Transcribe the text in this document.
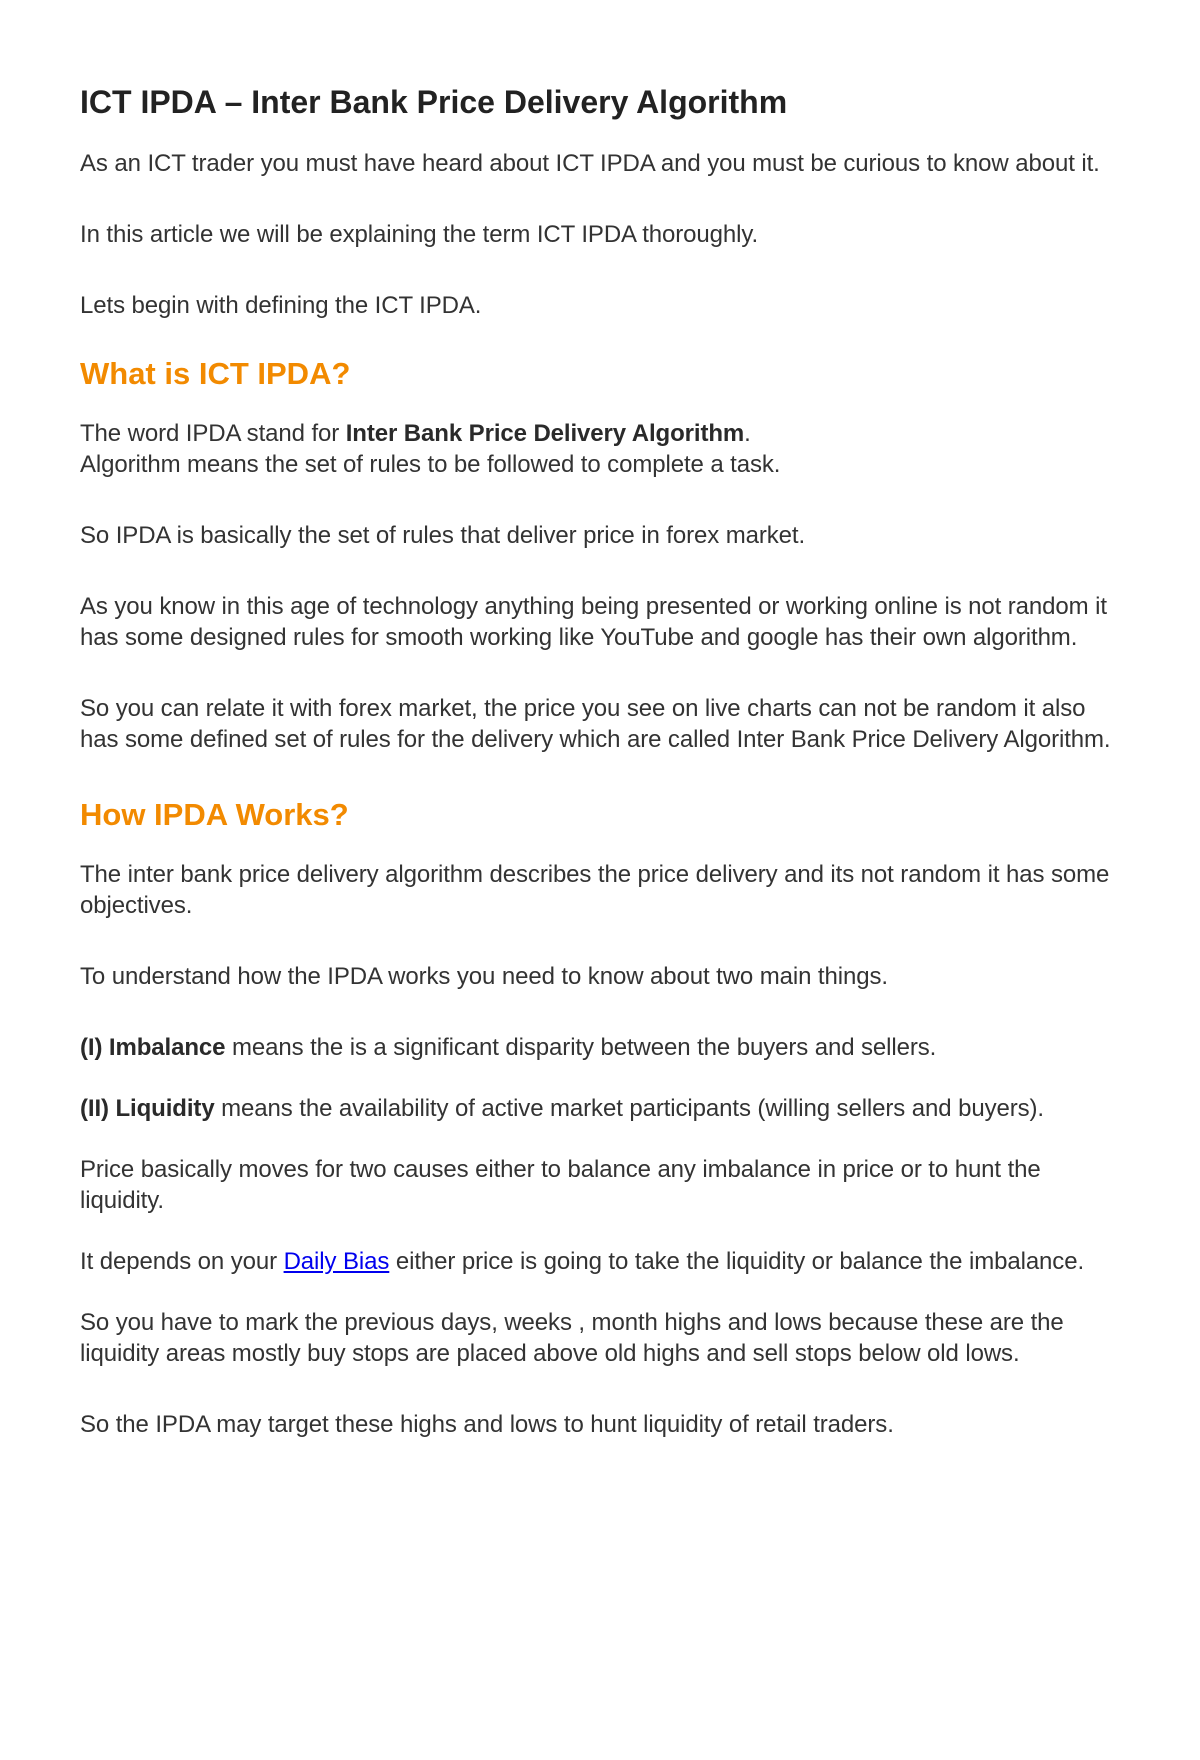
ICT IPDA – Inter Bank Price Delivery Algorithm

As an ICT trader you must have heard about ICT IPDA and you must be curious to know about it.

In this article we will be explaining the term ICT IPDA thoroughly.

Lets begin with defining the ICT IPDA.

What is ICT IPDA?

The word IPDA stand for Inter Bank Price Delivery Algorithm.
Algorithm means the set of rules to be followed to complete a task.

So IPDA is basically the set of rules that deliver price in forex market.

As you know in this age of technology anything being presented or working online is not random it has some designed rules for smooth working like YouTube and google has their own algorithm.

So you can relate it with forex market, the price you see on live charts can not be random it also has some defined set of rules for the delivery which are called Inter Bank Price Delivery Algorithm.

How IPDA Works?

The inter bank price delivery algorithm describes the price delivery and its not random it has some objectives.

To understand how the IPDA works you need to know about two main things.

(I) Imbalance means the is a significant disparity between the buyers and sellers.

(II) Liquidity means the availability of active market participants (willing sellers and buyers).

Price basically moves for two causes either to balance any imbalance in price or to hunt the liquidity.

It depends on your Daily Bias either price is going to take the liquidity or balance the imbalance.

So you have to mark the previous days, weeks , month highs and lows because these are the liquidity areas mostly buy stops are placed above old highs and sell stops below old lows.

So the IPDA may target these highs and lows to hunt liquidity of retail traders.
